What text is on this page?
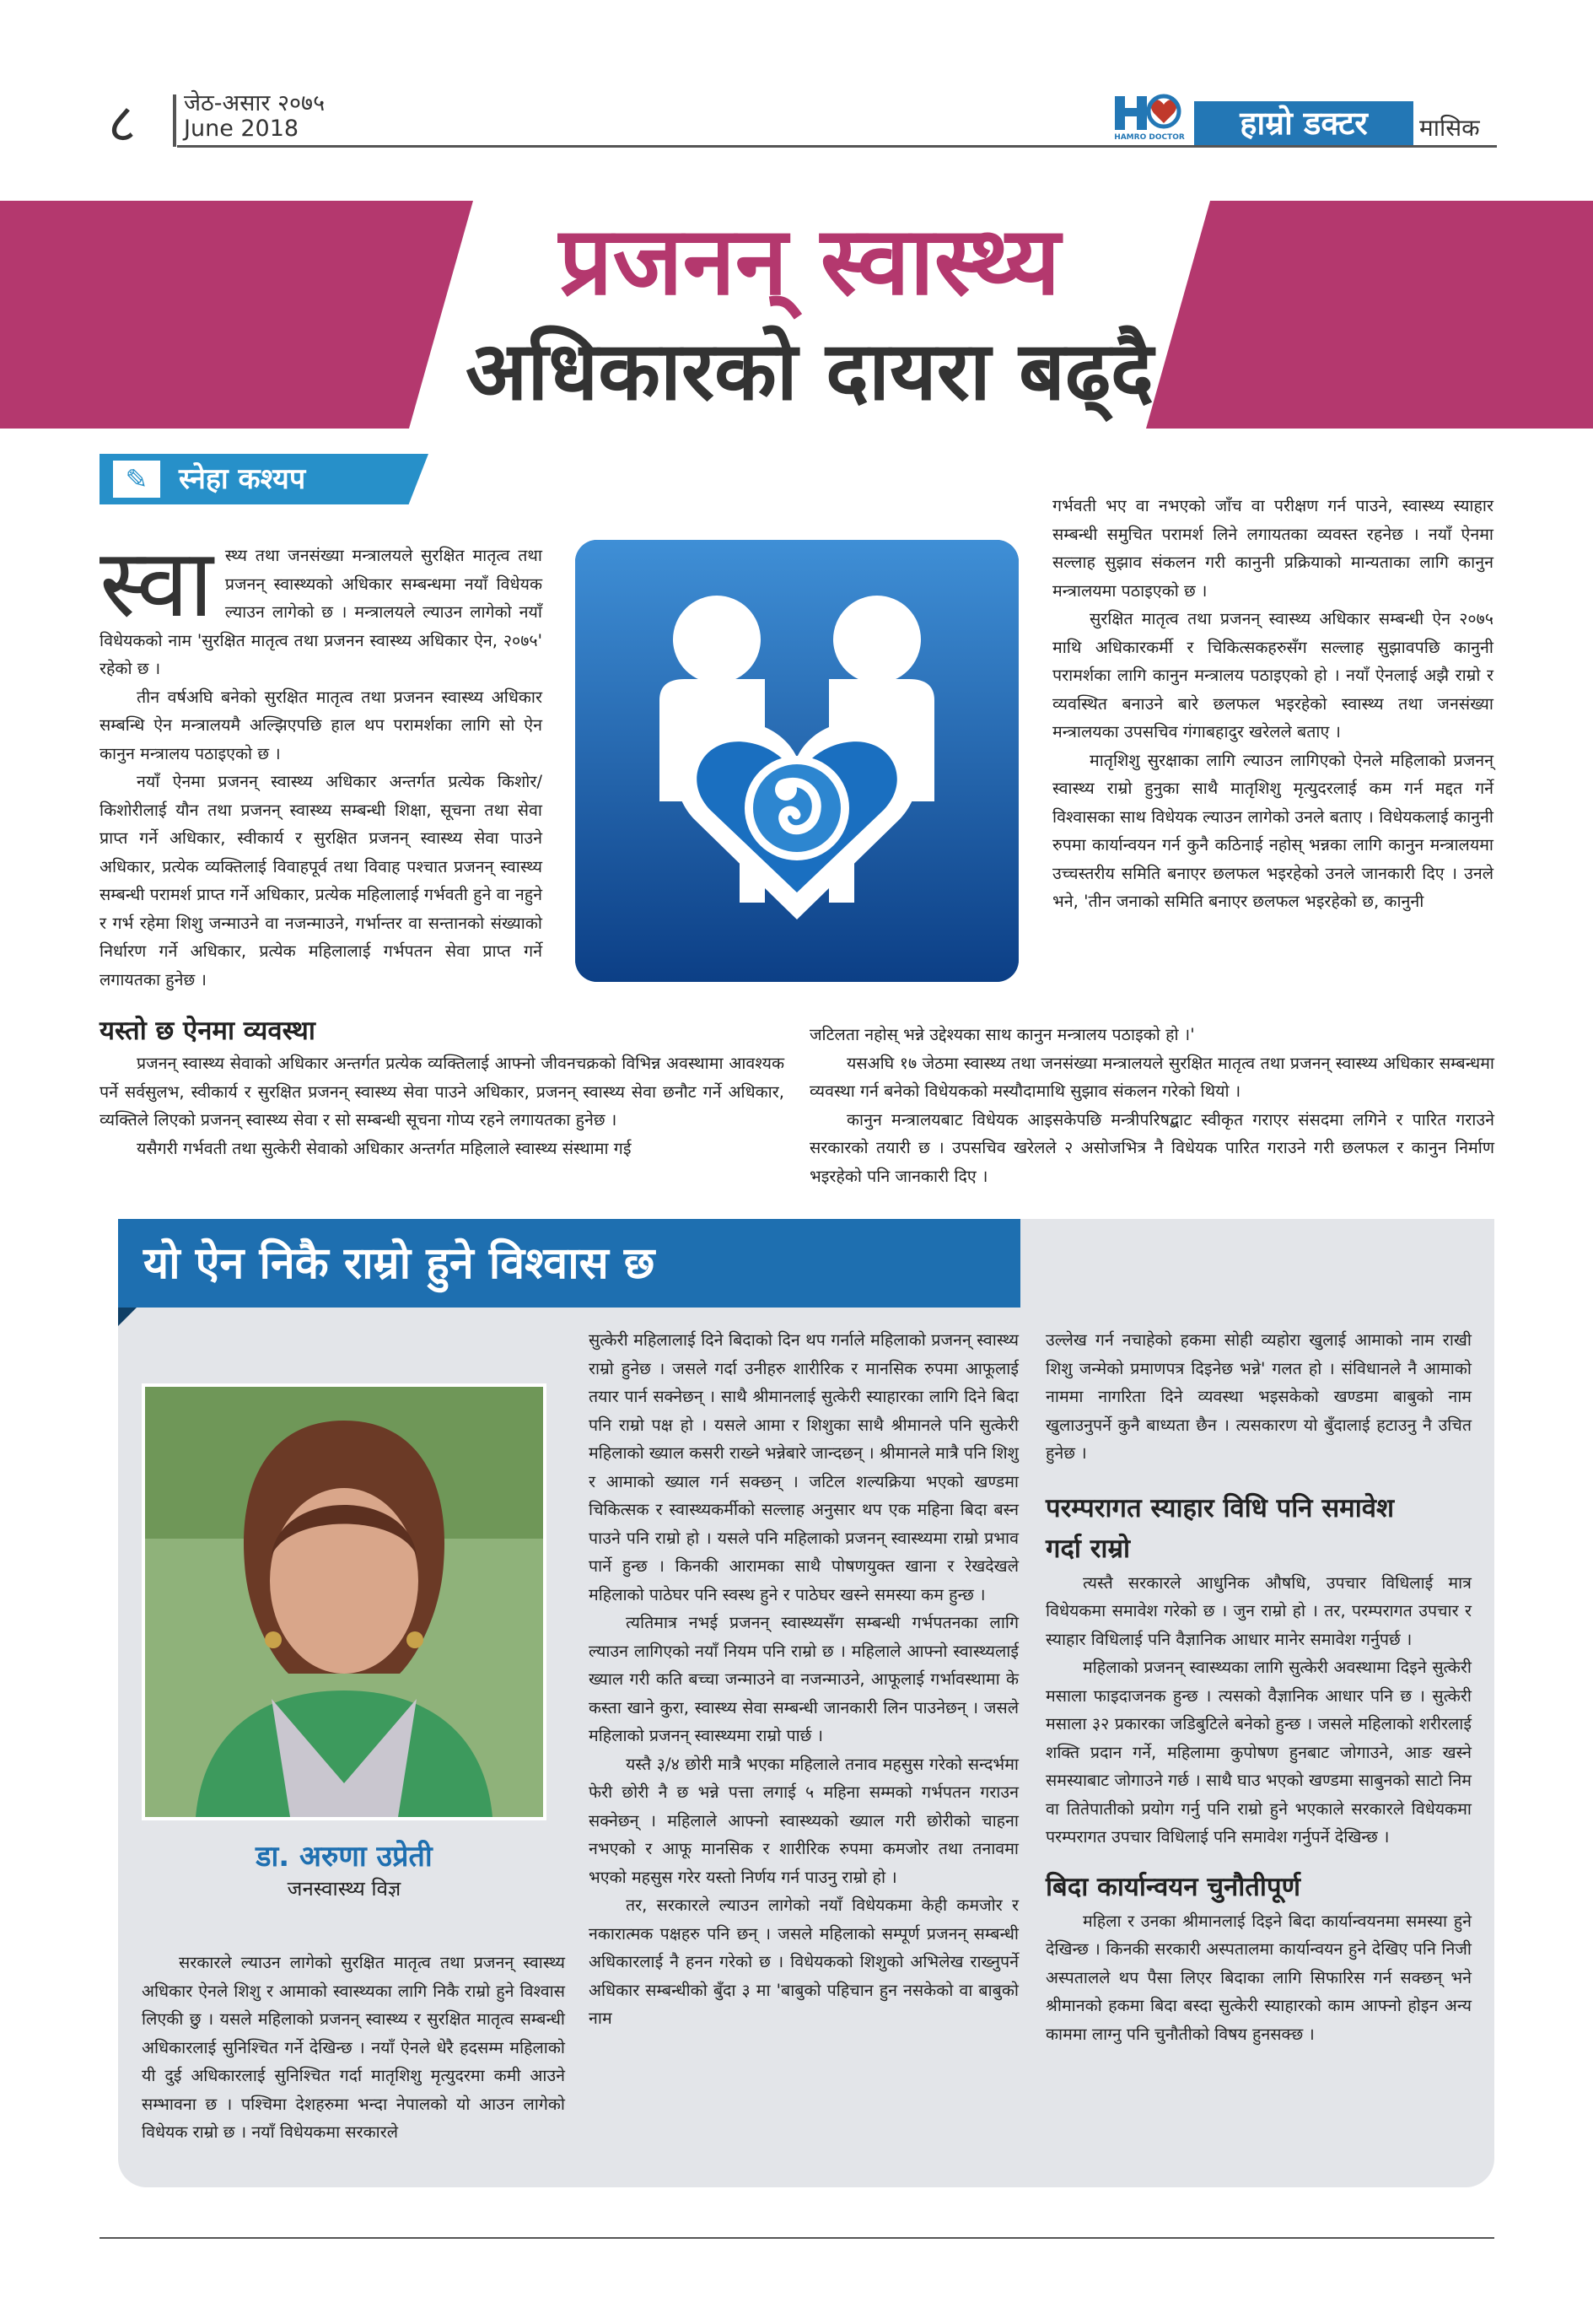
८ जेठ-असार २०७५
June 2018	HAMRO DOCTOR	हाम्रो डक्टर	मासिक
प्रजनन् स्वास्थ्य
अधिकारको दायरा बढ्दै
✎	स्नेहा कश्यप

स्वा स्थ्य तथा जनसंख्या मन्त्रालयले सुरक्षित मातृत्व तथा प्रजनन् स्वास्थ्यको अधिकार सम्बन्धमा नयाँ विधेयक ल्याउन लागेको छ । मन्त्रालयले ल्याउन लागेको नयाँ विधेयकको नाम 'सुरक्षित मातृत्व तथा प्रजनन स्वास्थ्य अधिकार ऐन, २०७५' रहेको छ ।

तीन वर्षअघि बनेको सुरक्षित मातृत्व तथा प्रजनन स्वास्थ्य अधिकार सम्बन्धि ऐन मन्त्रालयमै अल्झिएपछि हाल थप परामर्शका लागि सो ऐन कानुन मन्त्रालय पठाइएको छ ।

नयाँ ऐनमा प्रजनन् स्वास्थ्य अधिकार अन्तर्गत प्रत्येक किशोर/किशोरीलाई यौन तथा प्रजनन् स्वास्थ्य सम्बन्धी शिक्षा, सूचना तथा सेवा प्राप्त गर्ने अधिकार, स्वीकार्य र सुरक्षित प्रजनन् स्वास्थ्य सेवा पाउने अधिकार, प्रत्येक व्यक्तिलाई विवाहपूर्व तथा विवाह पश्चात प्रजनन् स्वास्थ्य सम्बन्धी परामर्श प्राप्त गर्ने अधिकार, प्रत्येक महिलालाई गर्भवती हुने वा नहुने र गर्भ रहेमा शिशु जन्माउने वा नजन्माउने, गर्भान्तर वा सन्तानको संख्याको निर्धारण गर्ने अधिकार, प्रत्येक महिलालाई गर्भपतन सेवा प्राप्त गर्ने लगायतका हुनेछ ।

गर्भवती भए वा नभएको जाँच वा परीक्षण गर्न पाउने, स्वास्थ्य स्याहार सम्बन्धी समुचित परामर्श लिने लगायतका व्यवस्त रहनेछ । नयाँ ऐनमा सल्लाह सुझाव संकलन गरी कानुनी प्रक्रियाको मान्यताका लागि कानुन मन्त्रालयमा पठाइएको छ ।

सुरक्षित मातृत्व तथा प्रजनन् स्वास्थ्य अधिकार सम्बन्धी ऐन २०७५ माथि अधिकारकर्मी र चिकित्सकहरुसँग सल्लाह सुझावपछि कानुनी परामर्शका लागि कानुन मन्त्रालय पठाइएको हो । नयाँ ऐनलाई अझै राम्रो र व्यवस्थित बनाउने बारे छलफल भइरहेको स्वास्थ्य तथा जनसंख्या मन्त्रालयका उपसचिव गंगाबहादुर खरेलले बताए ।

मातृशिशु सुरक्षाका लागि ल्याउन लागिएको ऐनले महिलाको प्रजनन् स्वास्थ्य राम्रो हुनुका साथै मातृशिशु मृत्युदरलाई कम गर्न मद्दत गर्ने विश्वासका साथ विधेयक ल्याउन लागेको उनले बताए । विधेयकलाई कानुनी रुपमा कार्यान्वयन गर्न कुनै कठिनाई नहोस् भन्नका लागि कानुन मन्त्रालयमा उच्चस्तरीय समिति बनाएर छलफल भइरहेको उनले जानकारी दिए । उनले भने, 'तीन जनाको समिति बनाएर छलफल भइरहेको छ, कानुनी

यस्तो छ ऐनमा व्यवस्था

प्रजनन् स्वास्थ्य सेवाको अधिकार अन्तर्गत प्रत्येक व्यक्तिलाई आफ्नो जीवनचक्रको विभिन्न अवस्थामा आवश्यक पर्ने सर्वसुलभ, स्वीकार्य र सुरक्षित प्रजनन् स्वास्थ्य सेवा पाउने अधिकार, प्रजनन् स्वास्थ्य सेवा छनौट गर्ने अधिकार, व्यक्तिले लिएको प्रजनन् स्वास्थ्य सेवा र सो सम्बन्धी सूचना गोप्य रहने लगायतका हुनेछ ।

यसैगरी गर्भवती तथा सुत्केरी सेवाको अधिकार अन्तर्गत महिलाले स्वास्थ्य संस्थामा गई

जटिलता नहोस् भन्ने उद्देश्यका साथ कानुन मन्त्रालय पठाइको हो ।'

यसअघि १७ जेठमा स्वास्थ्य तथा जनसंख्या मन्त्रालयले सुरक्षित मातृत्व तथा प्रजनन् स्वास्थ्य अधिकार सम्बन्धमा व्यवस्था गर्न बनेको विधेयकको मस्यौदामाथि सुझाव संकलन गरेको थियो ।

कानुन मन्त्रालयबाट विधेयक आइसकेपछि मन्त्रीपरिषद्बाट स्वीकृत गराएर संसदमा लगिने र पारित गराउने सरकारको तयारी छ । उपसचिव खरेलले २ असोजभित्र नै विधेयक पारित गराउने गरी छलफल र कानुन निर्माण भइरहेको पनि जानकारी दिए ।

यो ऐन निकै राम्रो हुने विश्वास छ
डा. अरुणा उप्रेती
जनस्वास्थ्य विज्ञ

सरकारले ल्याउन लागेको सुरक्षित मातृत्व तथा प्रजनन् स्वास्थ्य अधिकार ऐनले शिशु र आमाको स्वास्थ्यका लागि निकै राम्रो हुने विश्वास लिएकी छु । यसले महिलाको प्रजनन् स्वास्थ्य र सुरक्षित मातृत्व सम्बन्धी अधिकारलाई सुनिश्चित गर्ने देखिन्छ । नयाँ ऐनले धेरै हदसम्म महिलाको यी दुई अधिकारलाई सुनिश्चित गर्दा मातृशिशु मृत्युदरमा कमी आउने सम्भावना छ । पश्चिमा देशहरुमा भन्दा नेपालको यो आउन लागेको विधेयक राम्रो छ । नयाँ विधेयकमा सरकारले

सुत्केरी महिलालाई दिने बिदाको दिन थप गर्नाले महिलाको प्रजनन् स्वास्थ्य राम्रो हुनेछ । जसले गर्दा उनीहरु शारीरिक र मानसिक रुपमा आफूलाई तयार पार्न सक्नेछन् । साथै श्रीमानलाई सुत्केरी स्याहारका लागि दिने बिदा पनि राम्रो पक्ष हो । यसले आमा र शिशुका साथै श्रीमानले पनि सुत्केरी महिलाको ख्याल कसरी राख्ने भन्नेबारे जान्दछन् । श्रीमानले मात्रै पनि शिशु र आमाको ख्याल गर्न सक्छन् । जटिल शल्यक्रिया भएको खण्डमा चिकित्सक र स्वास्थ्यकर्मीको सल्लाह अनुसार थप एक महिना बिदा बस्न पाउने पनि राम्रो हो । यसले पनि महिलाको प्रजनन् स्वास्थ्यमा राम्रो प्रभाव पार्ने हुन्छ । किनकी आरामका साथै पोषणयुक्त खाना र रेखदेखले महिलाको पाठेघर पनि स्वस्थ हुने र पाठेघर खस्ने समस्या कम हुन्छ ।

त्यतिमात्र नभई प्रजनन् स्वास्थ्यसँग सम्बन्धी गर्भपतनका लागि ल्याउन लागिएको नयाँ नियम पनि राम्रो छ । महिलाले आफ्नो स्वास्थ्यलाई ख्याल गरी कति बच्चा जन्माउने वा नजन्माउने, आफूलाई गर्भावस्थामा के कस्ता खाने कुरा, स्वास्थ्य सेवा सम्बन्धी जानकारी लिन पाउनेछन् । जसले महिलाको प्रजनन् स्वास्थ्यमा राम्रो पार्छ ।

यस्तै ३/४ छोरी मात्रै भएका महिलाले तनाव महसुस गरेको सन्दर्भमा फेरी छोरी नै छ भन्ने पत्ता लगाई ५ महिना सम्मको गर्भपतन गराउन सक्नेछन् । महिलाले आफ्नो स्वास्थ्यको ख्याल गरी छोरीको चाहना नभएको र आफू मानसिक र शारीरिक रुपमा कमजोर तथा तनावमा भएको महसुस गरेर यस्तो निर्णय गर्न पाउनु राम्रो हो ।

तर, सरकारले ल्याउन लागेको नयाँ विधेयकमा केही कमजोर र नकारात्मक पक्षहरु पनि छन् । जसले महिलाको सम्पूर्ण प्रजनन् सम्बन्धी अधिकारलाई नै हनन गरेको छ । विधेयकको शिशुको अभिलेख राख्नुपर्ने अधिकार सम्बन्धीको बुँदा ३ मा 'बाबुको पहिचान हुन नसकेको वा बाबुको नाम

उल्लेख गर्न नचाहेको हकमा सोही व्यहोरा खुलाई आमाको नाम राखी शिशु जन्मेको प्रमाणपत्र दिइनेछ भन्ने' गलत हो । संविधानले नै आमाको नाममा नागरिता दिने व्यवस्था भइसकेको खण्डमा बाबुको नाम खुलाउनुपर्ने कुनै बाध्यता छैन । त्यसकारण यो बुँदालाई हटाउनु नै उचित हुनेछ ।

परम्परागत स्याहार विधि पनि समावेश
गर्दा राम्रो

त्यस्तै सरकारले आधुनिक औषधि, उपचार विधिलाई मात्र विधेयकमा समावेश गरेको छ । जुन राम्रो हो । तर, परम्परागत उपचार र स्याहार विधिलाई पनि वैज्ञानिक आधार मानेर समावेश गर्नुपर्छ ।

महिलाको प्रजनन् स्वास्थ्यका लागि सुत्केरी अवस्थामा दिइने सुत्केरी मसाला फाइदाजनक हुन्छ । त्यसको वैज्ञानिक आधार पनि छ । सुत्केरी मसाला ३२ प्रकारका जडिबुटिले बनेको हुन्छ । जसले महिलाको शरीरलाई शक्ति प्रदान गर्ने, महिलामा कुपोषण हुनबाट जोगाउने, आङ खस्ने समस्याबाट जोगाउने गर्छ । साथै घाउ भएको खण्डमा साबुनको साटो निम वा तितेपातीको प्रयोग गर्नु पनि राम्रो हुने भएकाले सरकारले विधेयकमा परम्परागत उपचार विधिलाई पनि समावेश गर्नुपर्ने देखिन्छ ।

बिदा कार्यान्वयन चुनौतीपूर्ण

महिला र उनका श्रीमानलाई दिइने बिदा कार्यान्वयनमा समस्या हुने देखिन्छ । किनकी सरकारी अस्पतालमा कार्यान्वयन हुने देखिए पनि निजी अस्पतालले थप पैसा लिएर बिदाका लागि सिफारिस गर्न सक्छन् भने श्रीमानको हकमा बिदा बस्दा सुत्केरी स्याहारको काम आफ्नो होइन अन्य काममा लाग्नु पनि चुनौतीको विषय हुनसक्छ ।
